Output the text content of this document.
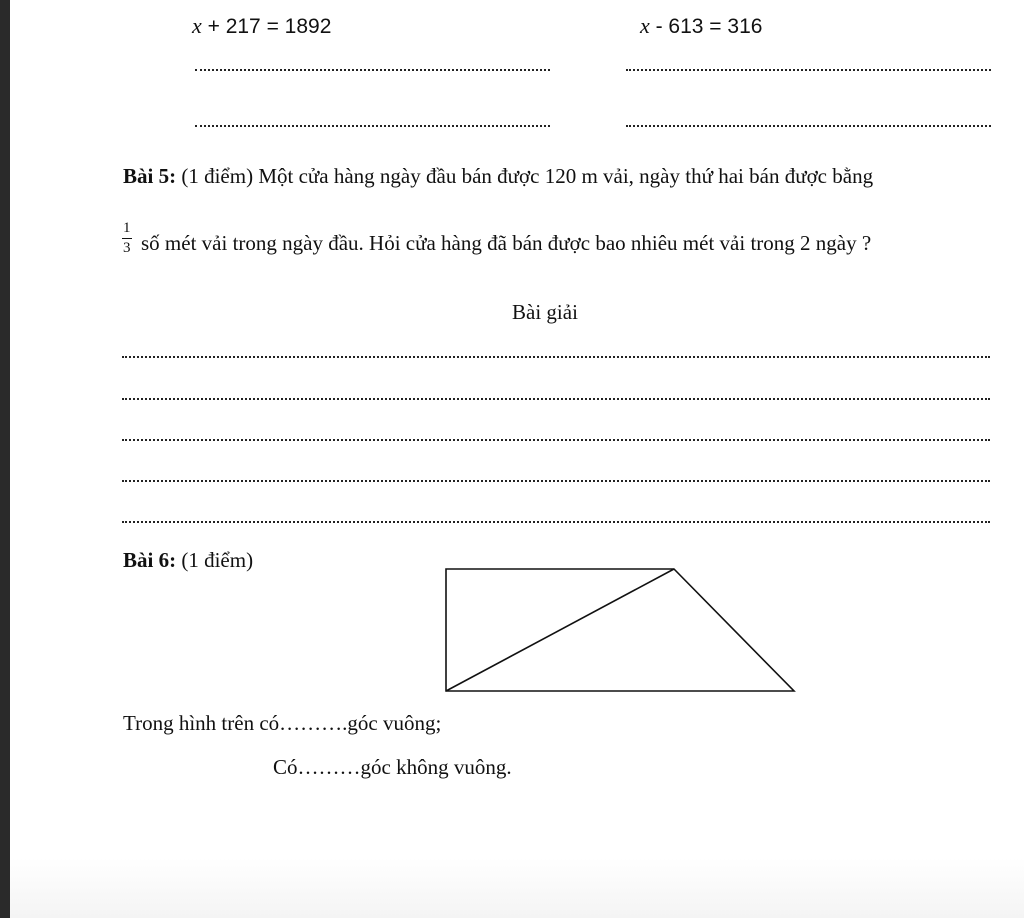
x + 217 = 1892	x - 613 = 316
Bài 5: (1 điểm) Một cửa hàng ngày đầu bán được 120 m vải, ngày thứ hai bán được bằng
$\frac{1}{3}$ số mét vải trong ngày đầu. Hỏi cửa hàng đã bán được bao nhiêu mét vải trong 2 ngày ?
Bài giải
Bài 6: (1 điểm)
Trong hình trên có……….góc vuông;
Có………góc không vuông.
